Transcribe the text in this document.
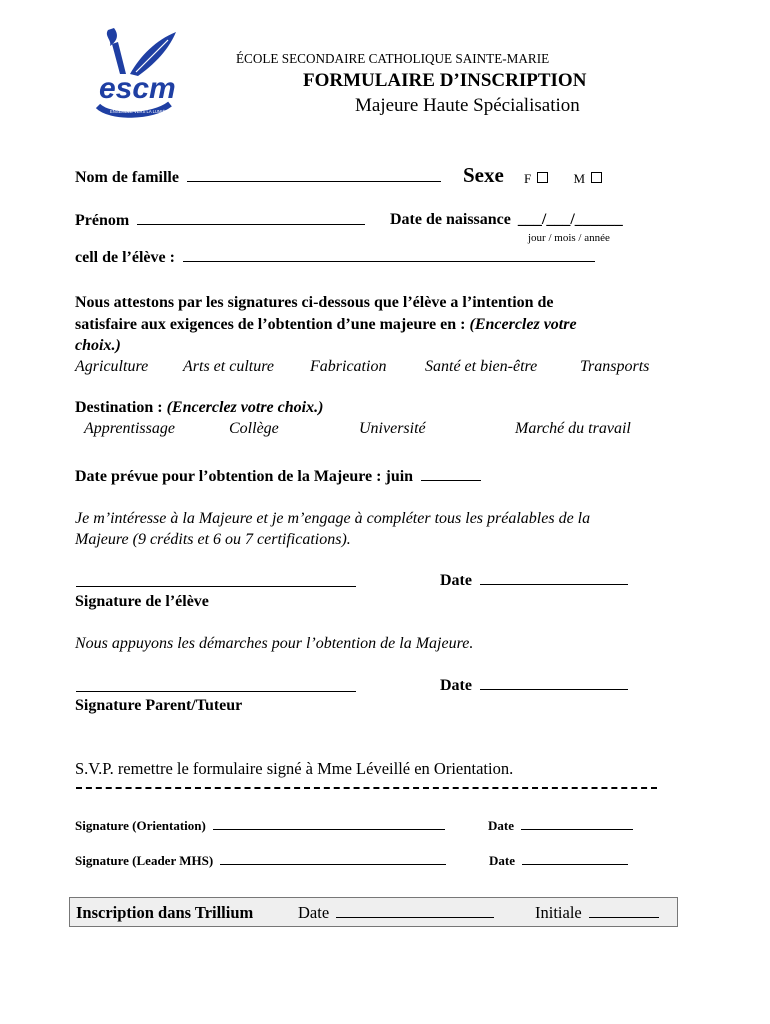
escm
ENSEMBLE VERS LA LUMIÈRE
ÉCOLE SECONDAIRE CATHOLIQUE SAINTE-MARIE
FORMULAIRE D’INSCRIPTION
Majeure Haute Spécialisation
Nom de famille	Sexe F	M
Prénom	Date de naissance ___/___/______
jour / mois / année
cell de l’élève :
Nous attestons par les signatures ci-dessous que l’élève a l’intention de
satisfaire aux exigences de l’obtention d’une majeure en : (Encerclez votre
choix.)
Agriculture Arts et culture Fabrication Santé et bien-être	Transports
Destination : (Encerclez votre choix.)
Apprentissage	Collège	Université	Marché du travail
Date prévue pour l’obtention de la Majeure : juin
Je m’intéresse à la Majeure et je m’engage à compléter tous les préalables de la
Majeure (9 crédits et 6 ou 7 certifications).
Date
Signature de l’élève
Nous appuyons les démarches pour l’obtention de la Majeure.
Date
Signature Parent/Tuteur
S.V.P. remettre le formulaire signé à Mme Léveillé en Orientation.
Signature (Orientation)	Date
Signature (Leader MHS)	Date
Inscription dans Trillium	Date	Initiale
